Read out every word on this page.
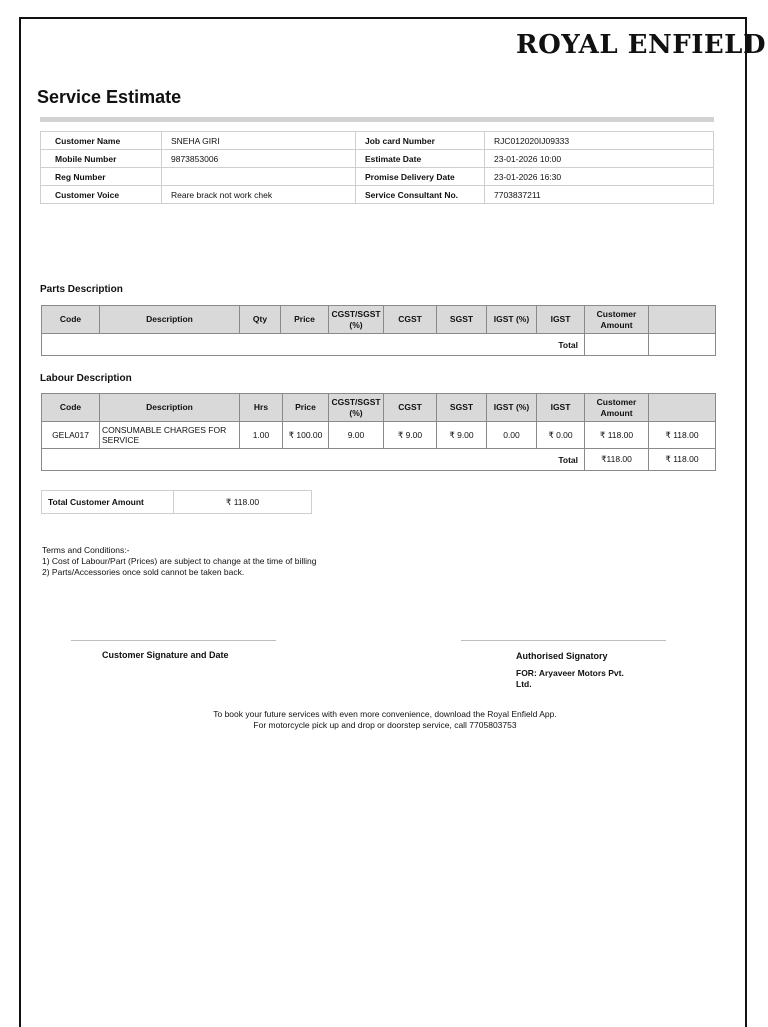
ROYAL ENFIELD
Service Estimate
Customer Name	SNEHA GIRI	Job card Number	RJC012020IJ09333
Mobile Number	9873853006	Estimate Date	23-01-2026 10:00
Reg Number		Promise Delivery Date	23-01-2026 16:30
Customer Voice	Reare brack not work chek	Service Consultant No.	7703837211
Parts Description
Code	Description	Qty	Price	CGST/SGST (%)	CGST	SGST	IGST (%)	IGST	Customer Amount	
Total										
Labour Description
Code	Description	Hrs	Price	CGST/SGST (%)	CGST	SGST	IGST (%)	IGST	Customer Amount	
GELA017	CONSUMABLE CHARGES FOR SERVICE	1.00	₹ 100.00	9.00	₹ 9.00	₹ 9.00	0.00	₹ 0.00	₹ 118.00	₹ 118.00
Total									₹118.00	₹ 118.00
Total Customer Amount	₹ 118.00
Terms and Conditions:-
1) Cost of Labour/Part (Prices) are subject to change at the time of billing
2) Parts/Accessories once sold cannot be taken back.
Customer Signature and Date	Authorised Signatory
FOR: Aryaveer Motors Pvt. Ltd.
To book your future services with even more convenience, download the Royal Enfield App.
For motorcycle pick up and drop or doorstep service, call 7705803753
